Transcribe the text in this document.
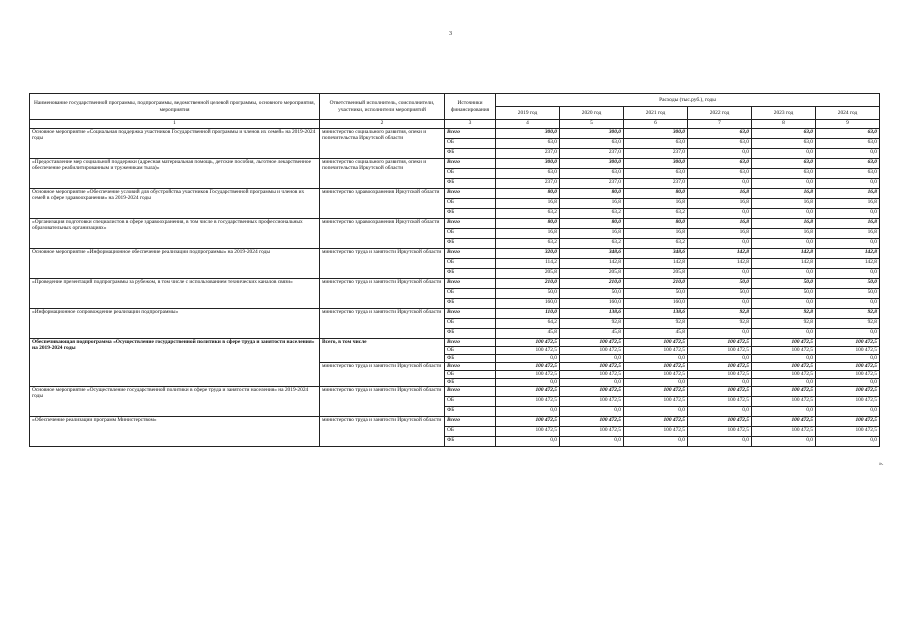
3
Наименование государственной программы, подпрограммы, ведомственной целевой программы, основного мероприятия, мероприятия	Ответственный исполнитель, соисполнители, участники, исполнители мероприятий	Источники финансирования	Расходы (тыс.руб.), годы					
			2019 год	2020 год	2021 год	2022 год	2023 год	2024 год
1	2	3	4	5	6	7	8	9
Основное мероприятие «Социальная поддержка участников Государственной программы и членов их семей» на 2019-2024 годы	министерство социального развития, опеки и попечительства Иркутской области	Всего	300,0	300,0	300,0	63,0	63,0	63,0
		ОБ	63,0	63,0	63,0	63,0	63,0	63,0
		ФБ	237,0	237,0	237,0	0,0	0,0	0,0
«Предоставление мер социальной поддержки (адресная материальная помощь, детские пособия, льготное лекарственное обеспечение реабилитированным и труженикам тыла)»	министерство социального развития, опеки и попечительства Иркутской области	Всего	300,0	300,0	300,0	63,0	63,0	63,0
		ОБ	63,0	63,0	63,0	63,0	63,0	63,0
		ФБ	237,0	237,0	237,0	0,0	0,0	0,0
Основное мероприятие «Обеспечение условий для обустройства участников Государственной программы и членов их семей в сфере здравоохранения» на 2019-2024 годы	министерство здравоохранения Иркутской области	Всего	80,0	80,0	80,0	16,8	16,8	16,8
		ОБ	16,8	16,8	16,8	16,8	16,8	16,8
		ФБ	63,2	63,2	63,2	0,0	0,0	0,0
«Организация подготовки специалистов в сфере здравоохранения, в том числе в государственных профессиональных образовательных организациях»	министерство здравоохранения Иркутской области	Всего	80,0	80,0	80,0	16,8	16,8	16,8
		ОБ	16,8	16,8	16,8	16,8	16,8	16,8
		ФБ	63,2	63,2	63,2	0,0	0,0	0,0
Основное мероприятие «Информационное обеспечение реализации подпрограммы» на 2019-2024 годы	министерство труда и занятости Иркутской области	Всего	320,0	348,6	348,6	142,8	142,8	142,8
		ОБ	114,2	142,8	142,8	142,8	142,8	142,8
		ФБ	205,8	205,8	205,8	0,0	0,0	0,0
«Проведение презентаций подпрограммы за рубежом, в том числе с использованием технических каналов связи»	министерство труда и занятости Иркутской области	Всего	210,0	210,0	210,0	50,0	50,0	50,0
		ОБ	50,0	50,0	50,0	50,0	50,0	50,0
		ФБ	160,0	160,0	160,0	0,0	0,0	0,0
«Информационное сопровождение реализации подпрограммы»	министерство труда и занятости Иркутской области	Всего	110,0	138,6	138,6	92,8	92,8	92,8
		ОБ	64,2	92,8	92,8	92,8	92,8	92,8
		ФБ	45,8	45,8	45,8	0,0	0,0	0,0
Обеспечивающая подпрограмма «Осуществление государственной политики в сфере труда и занятости населения» на 2019-2024 годы	Всего, в том числе	Всего	100 472,5	100 472,5	100 472,5	100 472,5	100 472,5	100 472,5
		ОБ	100 472,5	100 472,5	100 472,5	100 472,5	100 472,5	100 472,5
		ФБ	0,0	0,0	0,0	0,0	0,0	0,0
	министерство труда и занятости Иркутской области	Всего	100 472,5	100 472,5	100 472,5	100 472,5	100 472,5	100 472,5
		ОБ	100 472,5	100 472,5	100 472,5	100 472,5	100 472,5	100 472,5
		ФБ	0,0	0,0	0,0	0,0	0,0	0,0
Основное мероприятие «Осуществление государственной политики в сфере труда и занятости населения» на 2019-2024 годы	министерство труда и занятости Иркутской области	Всего	100 472,5	100 472,5	100 472,5	100 472,5	100 472,5	100 472,5
		ОБ	100 472,5	100 472,5	100 472,5	100 472,5	100 472,5	100 472,5
		ФБ	0,0	0,0	0,0	0,0	0,0	0,0
«Обеспечение реализации программ Министерством»	министерство труда и занятости Иркутской области	Всего	100 472,5	100 472,5	100 472,5	100 472,5	100 472,5	100 472,5
		ОБ	100 472,5	100 472,5	100 472,5	100 472,5	100 472,5	100 472,5
		ФБ	0,0	0,0	0,0	0,0	0,0	0,0
».
